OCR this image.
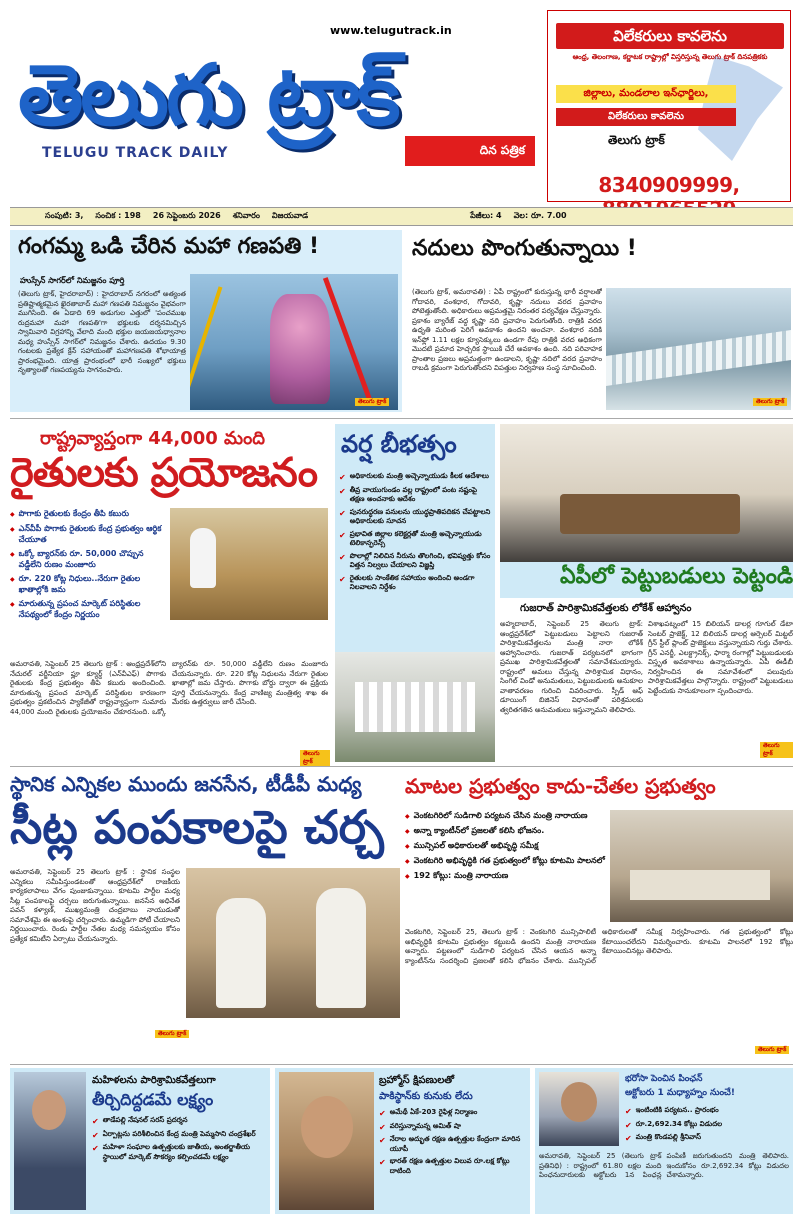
www.telugutrack.in
తెలుగు ట్రాక్
TELUGU TRACK DAILY	దిన పత్రిక
విలేకరులు కావలెను
ఆంధ్ర, తెలంగాణ, కర్ణాటక రాష్ట్రాల్లో విస్తరిస్తున్న తెలుగు ట్రాక్ దినపత్రికకు
జిల్లాలు, మండలాల ఇన్‌ఛార్జిలు,
విలేకరులు కావలెను
తెలుగు ట్రాక్
8340909999,
సంపుటి: 3, సంచిక : 198 26 సెప్టెంబరు 2026 శనివారం విజయవాడ	పేజీలు: 4 వెల: రూ. 7.00
గంగమ్మ ఒడి చేరిన మహా గణపతి !
హుస్సేన్ సాగర్‌లో నిమజ్జనం పూర్తి
(తెలుగు ట్రాక్, హైదరాబాద్) : హైదరాబాద్ నగరంలో అత్యంత ప్రతిష్టాత్మకమైన ఖైరతాబాద్ మహా గణపతి నిమజ్జనం వైభవంగా ముగిసింది. ఈ ఏడాది 69 అడుగుల ఎత్తులో 'పంచముఖ రుద్రమహా మహా గణపతి'గా భక్తులకు దర్శనమిచ్చిన స్వామివారి విగ్రహాన్ని వేలాది మంది భక్తుల జయజయధ్వానాల మధ్య హుస్సేన్ సాగర్‌లో నిమజ్జనం చేశారు. ఉదయం 9.30 గంటలకు ప్రత్యేక క్రేన్ సహాయంతో మహాగణపతి శోభాయాత్ర ప్రారంభమైంది. యాత్ర ప్రారంభంలో భారీ సంఖ్యలో భక్తులు నృత్యాలతో గణపయ్యను సాగనంపారు.
తెలుగు ట్రాక్
నదులు పొంగుతున్నాయి !
(తెలుగు ట్రాక్, అమరావతి) : ఏపీ రాష్ట్రంలో కురుస్తున్న భారీ వర్షాలతో గోదావరి, వంశధార, గోదావరి, కృష్ణా నదులు వరద ప్రవాహం పోటెత్తుతోంది. అధికారులు అప్రమత్తమై నిరంతర పర్యవేక్షణ చేస్తున్నారు. ప్రకాశం బ్యారేజ్ వద్ద కృష్ణా నది ప్రవాహం పెరుగుతోంది. రాత్రికి వరద ఉధృతి మరింత పెరిగే అవకాశం ఉందని అంచనా. వంశధార నదికి ఇన్‌ఫ్లో 1.11 లక్షల క్యూసెక్కులు ఉండగా రేపు రాత్రికి వరద అధికంగా మొదటి ప్రమాద హెచ్చరిక స్థాయికి చేరే అవకాశం ఉంది. నది పరివాహక ప్రాంతాల ప్రజలు అప్రమత్తంగా ఉండాలని, కృష్ణా నదిలో వరద ప్రవాహం రాబడి క్రమంగా పెరుగుతోందని విపత్తుల నిర్వహణ సంస్థ సూచించింది.
తెలుగు ట్రాక్
రాష్ట్రవ్యాప్తంగా 44,000 మంది
రైతులకు ప్రయోజనం
◆ పొగాకు రైతులకు కేంద్రం తీపి కబురు
◆ ఎన్‌వీపీ పొగాకు రైతులకు కేంద్ర ప్రభుత్వం ఆర్థిక చేయూత
◆ ఒక్కో బ్యారన్‌కు రూ. 50,000 చొప్పున వడ్డీలేని రుణం మంజూరు
◆ రూ. 220 కోట్ల నిధులు..నేరుగా రైతుల ఖాతాల్లోకి జమ
◆ మారుతున్న ప్రపంచ మార్కెట్ పరిస్థితుల నేపథ్యంలో కేంద్రం నిర్ణయం
అమరావతి, సెప్టెంబర్ 25 తెలుగు ట్రాక్ : ఆంధ్రప్రదేశ్‌లోని నేచురల్ వర్జీనియా ఫ్లూ క్యూర్డ్ (ఎన్‌వీఎఫ్) పొగాకు రైతులకు కేంద్ర ప్రభుత్వం తీపి కబురు అందించింది. మారుతున్న ప్రపంచ మార్కెట్ పరిస్థితుల కారణంగా ప్రభుత్వం ప్రకటించిన ప్యాకేజీతో రాష్ట్రవ్యాప్తంగా సుమారు 44,000 మంది రైతులకు ప్రయోజనం చేకూరనుంది. ఒక్కో బ్యారన్‌కు రూ. 50,000 వడ్డీలేని రుణం మంజూరు చేయనున్నారు. రూ. 220 కోట్ల నిధులను నేరుగా రైతుల ఖాతాల్లో జమ చేస్తారు. పొగాకు బోర్డు ద్వారా ఈ ప్రక్రియ పూర్తి చేయనున్నారు. కేంద్ర వాణిజ్య మంత్రిత్వ శాఖ ఈ మేరకు ఉత్తర్వులు జారీ చేసింది.
తెలుగు ట్రాక్
వర్ష బీభత్సం
✔ అధికారులకు మంత్రి అచ్చెన్నాయుడు కీలక ఆదేశాలు
✔ తీవ్ర వాయుగుండం వల్ల రాష్ట్రంలో పంట నష్టంపై తక్షణ అంచనాకు ఆదేశం
✔ పునరుద్ధరణ పనులను యుద్ధప్రాతిపదికన చేపట్టాలని అధికారులకు సూచన
✔ ప్రభావిత జిల్లాల కలెక్టర్లతో మంత్రి అచ్చెన్నాయుడు టెలికాన్ఫరెన్స్
✔ పొలాల్లో నిలిచిన నీరును తొలగించి, భవిష్యత్తు కోసం విత్తన నిల్వలు చేయాలని విజ్ఞప్తి
✔ రైతులకు సాంకేతిక సహాయం అందించి అండగా నిలవాలని నిర్దేశం	ఏపీలో పెట్టుబడులు పెట్టండి
గుజరాత్ పారిశ్రామికవేత్తలకు లోకేశ్ ఆహ్వానం
అహ్మదాబాద్, సెప్టెంబర్ 25 తెలుగు ట్రాక్: ఆంధ్రప్రదేశ్‌లో పెట్టుబడులు పెట్టాలని గుజరాత్ పారిశ్రామికవేత్తలను మంత్రి నారా లోకేశ్ ఆహ్వానించారు. గుజరాత్ పర్యటనలో భాగంగా ప్రముఖ పారిశ్రామికవేత్తలతో సమావేశమయ్యారు. రాష్ట్రంలో అమలు చేస్తున్న పారిశ్రామిక విధానం, సింగిల్ విండో అనుమతులు, పెట్టుబడులకు అనుకూల వాతావరణం గురించి వివరించారు. స్పీడ్ ఆఫ్ డూయింగ్ బిజినెస్ విధానంతో పరిశ్రమలకు త్వరితగతిన అనుమతులు ఇస్తున్నామని తెలిపారు.
విశాఖపట్నంలో 15 బిలియన్ డాలర్ల గూగుల్ డేటా సెంటర్ ప్రాజెక్ట్, 12 బిలియన్ డాలర్ల ఆర్సెలర్ మిట్టల్ గ్రీన్ స్టీల్ ప్లాంట్ ప్రాజెక్టులు వస్తున్నాయని గుర్తు చేశారు. గ్రీన్ ఎనర్జీ, ఎలక్ట్రానిక్స్, ఫార్మా రంగాల్లో పెట్టుబడులకు విస్తృత అవకాశాలు ఉన్నాయన్నారు. ఏపీ ఈడీబీ నిర్వహించిన ఈ సమావేశంలో పలువురు పారిశ్రామికవేత్తలు పాల్గొన్నారు. రాష్ట్రంలో పెట్టుబడులు పెట్టేందుకు సానుకూలంగా స్పందించారు.
తెలుగు ట్రాక్
స్థానిక ఎన్నికల ముందు జనసేన, టీడీపీ మధ్య
సీట్ల పంపకాలపై చర్చ
అమరావతి, సెప్టెంబర్ 25 తెలుగు ట్రాక్ : స్థానిక సంస్థల ఎన్నికలు సమీపిస్తుండటంతో ఆంధ్రప్రదేశ్‌లో రాజకీయ కార్యకలాపాలు వేగం పుంజుకున్నాయి. కూటమి పార్టీల మధ్య సీట్ల పంపకాలపై చర్చలు జరుగుతున్నాయి. జనసేన అధినేత పవన్ కళ్యాణ్, ముఖ్యమంత్రి చంద్రబాబు నాయుడుతో సమావేశమై ఈ అంశంపై చర్చించారు. ఉమ్మడిగా పోటీ చేయాలని నిర్ణయించారు. రెండు పార్టీల నేతల మధ్య సమన్వయం కోసం ప్రత్యేక కమిటీని ఏర్పాటు చేయనున్నారు.
తెలుగు ట్రాక్
మాటల ప్రభుత్వం కాదు-చేతల ప్రభుత్వం
◆ వెంకటగిరిలో సుడిగాలి పర్యటన చేసిన మంత్రి నారాయణ
◆ అన్నా క్యాంటీన్‌లో ప్రజలతో కలిసి భోజనం.
◆ మున్సిపల్ అధికారులతో అభివృద్ధి సమీక్ష
◆ వెంకటగిరి అభివృద్ధికి గత ప్రభుత్వంలో కోట్లు కూటమి పాలనలో
◆ 192 కోట్లు: మంత్రి నారాయణ
వెంకటగిరి, సెప్టెంబర్ 25, తెలుగు ట్రాక్ : వెంకటగిరి మున్సిపాలిటీ అభివృద్ధికి కూటమి ప్రభుత్వం కట్టుబడి ఉందని మంత్రి నారాయణ అన్నారు. పట్టణంలో సుడిగాలి పర్యటన చేసిన ఆయన అన్నా క్యాంటీన్‌ను సందర్శించి ప్రజలతో కలిసి భోజనం చేశారు. మున్సిపల్ అధికారులతో సమీక్ష నిర్వహించారు. గత ప్రభుత్వంలో కోట్లు కేటాయించలేదని విమర్శించారు. కూటమి పాలనలో 192 కోట్లు కేటాయించినట్లు తెలిపారు.
తెలుగు ట్రాక్
మహిళలను పారిశ్రామికవేత్తలుగా
తీర్చిదిద్దడమే లక్ష్యం
✔ తాడేపల్లి నేషనల్ సరస్ ప్రదర్శన
✔ ఏర్పాట్లను పరిశీలించిన కేంద్ర మంత్రి పెమ్మసాని చంద్రశేఖర్
✔ మహిళా సంఘాల ఉత్పత్తులకు జాతీయ, అంతర్జాతీయ స్థాయిలో మార్కెట్ సౌకర్యం కల్పించడమే లక్ష్యం
బ్రహ్మోస్ క్షిపణులతో
పాకిస్థాన్‌కు కునుకు లేదు
✔ అమేథీ ఏకే-203 రైఫిళ్ల నిర్మాణం
✔ వరిస్తున్నామన్న అమిత్ షా
✔ నేరాల అద్భుత రక్షణ ఉత్పత్తుల కేంద్రంగా మారిన యూపీ
✔ భారత్ రక్షణ ఉత్పత్తుల విలువ రూ.లక్ష కోట్లు దాటింది
భరోసా పెంచిన పింఛన్
అక్టోబరు 1 మధ్యాహ్నం నుంచే!
✔ ఇంటింటికి పర్యటన.. ప్రారంభం
✔ రూ.2,692.34 కోట్లు విడుదల
✔ మంత్రి కొండపల్లి శ్రీనివాస్
అమరావతి, సెప్టెంబర్ 25 (తెలుగు ట్రాక్ ప్రతినిధి) : రాష్ట్రంలో 61.80 లక్షల మంది పింఛనుదారులకు అక్టోబరు 1న పింఛన్ల పంపిణీ జరుగుతుందని మంత్రి తెలిపారు. ఇందుకోసం రూ.2,692.34 కోట్లు విడుదల చేశామన్నారు.
